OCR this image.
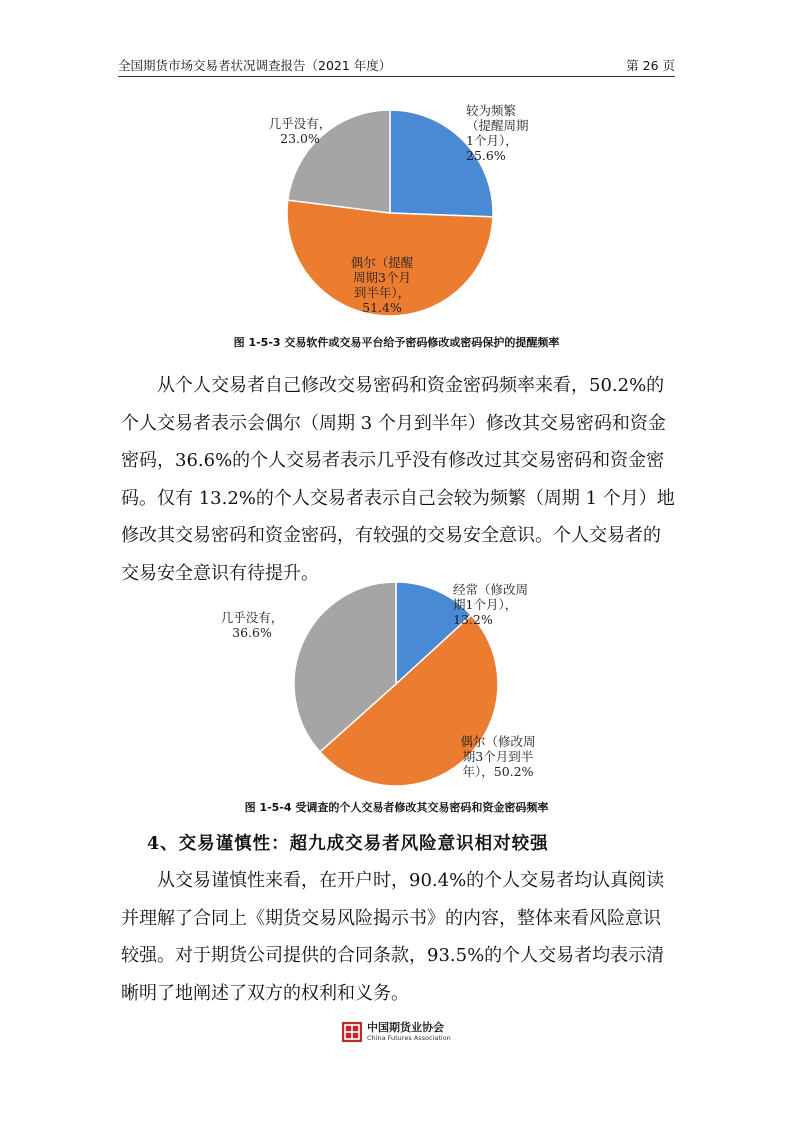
全国期货市场交易者状况调查报告（2021 年度）	第 26 页
较为频繁（提醒周期 1个月）， 25.6%
偶尔（提醒周期3个月到半年）， 51.4%
几乎没有， 23.0%
图 1-5-3 交易软件或交易平台给予密码修改或密码保护的提醒频率

　　从个人交易者自己修改交易密码和资金密码频率来看，50.2%的
个人交易者表示会偶尔（周期 3 个月到半年）修改其交易密码和资金
密码，36.6%的个人交易者表示几乎没有修改过其交易密码和资金密
码。仅有 13.2%的个人交易者表示自己会较为频繁（周期 1 个月）地
修改其交易密码和资金密码，有较强的交易安全意识。个人交易者的
交易安全意识有待提升。

经常（修改周期1个月）， 13.2%
偶尔（修改周期3个月到半年），50.2%
几乎没有， 36.6%
图 1-5-4 受调查的个人交易者修改其交易密码和资金密码频率
4、交易谨慎性：超九成交易者风险意识相对较强

　　从交易谨慎性来看，在开户时，90.4%的个人交易者均认真阅读
并理解了合同上《期货交易风险揭示书》的内容，整体来看风险意识
较强。对于期货公司提供的合同条款，93.5%的个人交易者均表示清
晰明了地阐述了双方的权利和义务。

中国期货业协会
China Futures Association
